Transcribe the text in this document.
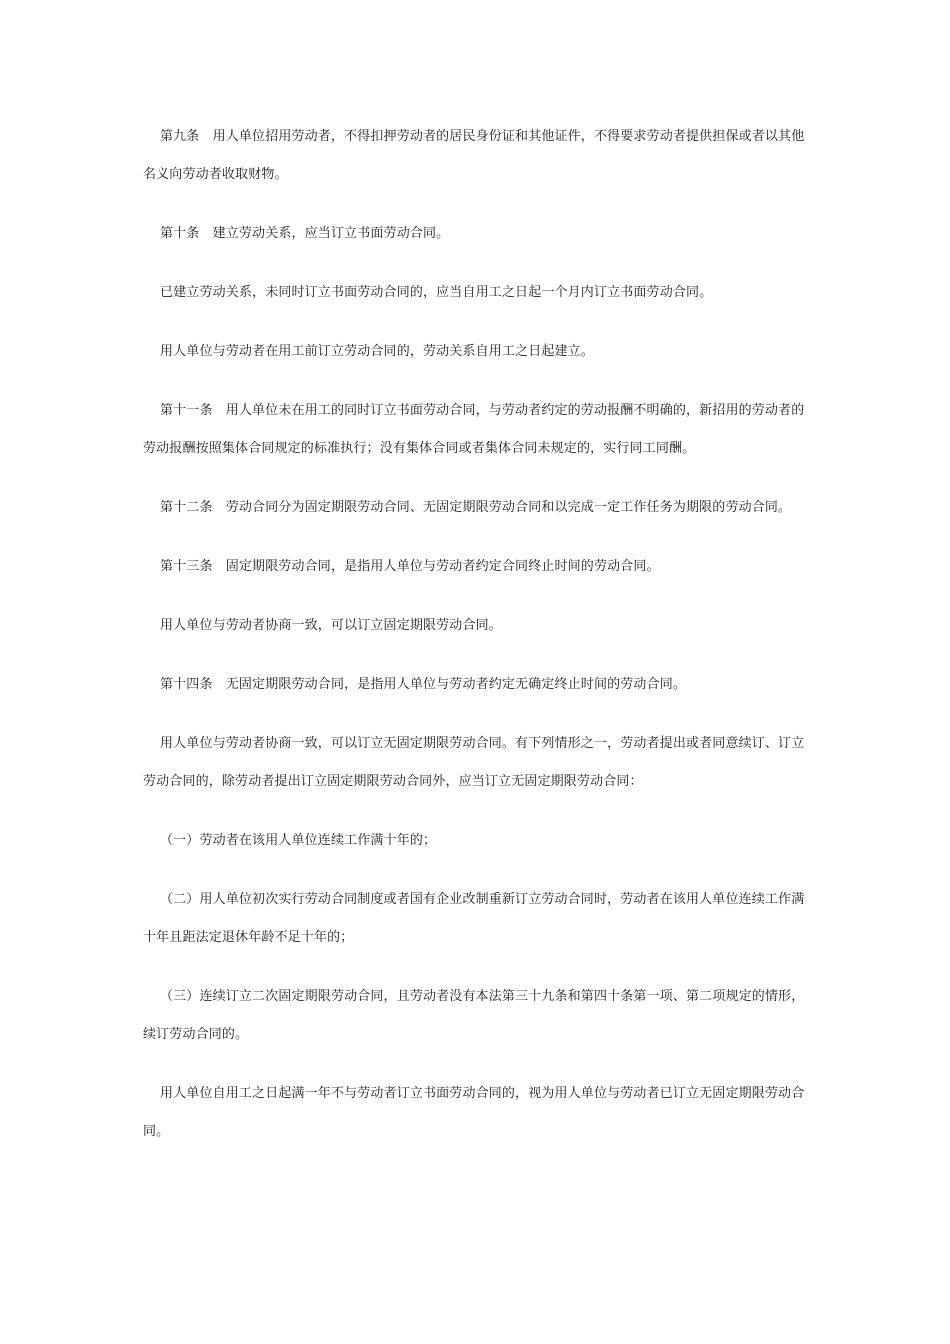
第九条　用人单位招用劳动者，不得扣押劳动者的居民身份证和其他证件，不得要求劳动者提供担保或者以其他名义向劳动者收取财物。

第十条　建立劳动关系，应当订立书面劳动合同。

已建立劳动关系，未同时订立书面劳动合同的，应当自用工之日起一个月内订立书面劳动合同。

用人单位与劳动者在用工前订立劳动合同的，劳动关系自用工之日起建立。

第十一条　用人单位未在用工的同时订立书面劳动合同，与劳动者约定的劳动报酬不明确的，新招用的劳动者的劳动报酬按照集体合同规定的标准执行；没有集体合同或者集体合同未规定的，实行同工同酬。

第十二条　劳动合同分为固定期限劳动合同、无固定期限劳动合同和以完成一定工作任务为期限的劳动合同。

第十三条　固定期限劳动合同，是指用人单位与劳动者约定合同终止时间的劳动合同。

用人单位与劳动者协商一致，可以订立固定期限劳动合同。

第十四条　无固定期限劳动合同，是指用人单位与劳动者约定无确定终止时间的劳动合同。

用人单位与劳动者协商一致，可以订立无固定期限劳动合同。有下列情形之一，劳动者提出或者同意续订、订立劳动合同的，除劳动者提出订立固定期限劳动合同外，应当订立无固定期限劳动合同：

（一）劳动者在该用人单位连续工作满十年的；

（二）用人单位初次实行劳动合同制度或者国有企业改制重新订立劳动合同时，劳动者在该用人单位连续工作满十年且距法定退休年龄不足十年的；

（三）连续订立二次固定期限劳动合同，且劳动者没有本法第三十九条和第四十条第一项、第二项规定的情形，续订劳动合同的。

用人单位自用工之日起满一年不与劳动者订立书面劳动合同的，视为用人单位与劳动者已订立无固定期限劳动合同。
